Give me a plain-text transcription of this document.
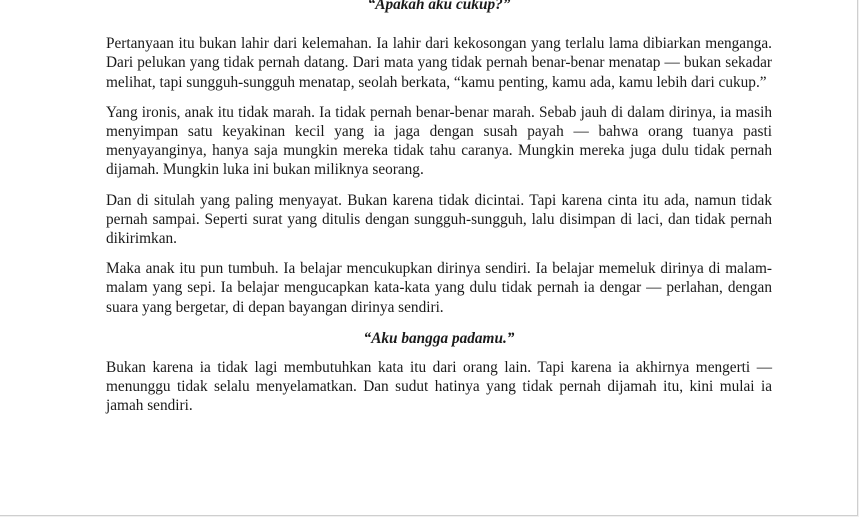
“Apakah aku cukup?”

Pertanyaan itu bukan lahir dari kelemahan. Ia lahir dari kekosongan yang terlalu lama dibiarkan menganga. Dari pelukan yang tidak pernah datang. Dari mata yang tidak pernah benar-benar menatap — bukan sekadar melihat, tapi sungguh-sungguh menatap, seolah berkata, “kamu penting, kamu ada, kamu lebih dari cukup.”

Yang ironis, anak itu tidak marah. Ia tidak pernah benar-benar marah. Sebab jauh di dalam dirinya, ia masih menyimpan satu keyakinan kecil yang ia jaga dengan susah payah — bahwa orang tuanya pasti menyayanginya, hanya saja mungkin mereka tidak tahu caranya. Mungkin mereka juga dulu tidak pernah dijamah. Mungkin luka ini bukan miliknya seorang.

Dan di situlah yang paling menyayat. Bukan karena tidak dicintai. Tapi karena cinta itu ada, namun tidak pernah sampai. Seperti surat yang ditulis dengan sungguh-sungguh, lalu disimpan di laci, dan tidak pernah dikirimkan.

Maka anak itu pun tumbuh. Ia belajar mencukupkan dirinya sendiri. Ia belajar memeluk dirinya di malam-malam yang sepi. Ia belajar mengucapkan kata-kata yang dulu tidak pernah ia dengar — perlahan, dengan suara yang bergetar, di depan bayangan dirinya sendiri.

“Aku bangga padamu.”

Bukan karena ia tidak lagi membutuhkan kata itu dari orang lain. Tapi karena ia akhirnya mengerti — menunggu tidak selalu menyelamatkan. Dan sudut hatinya yang tidak pernah dijamah itu, kini mulai ia jamah sendiri.
